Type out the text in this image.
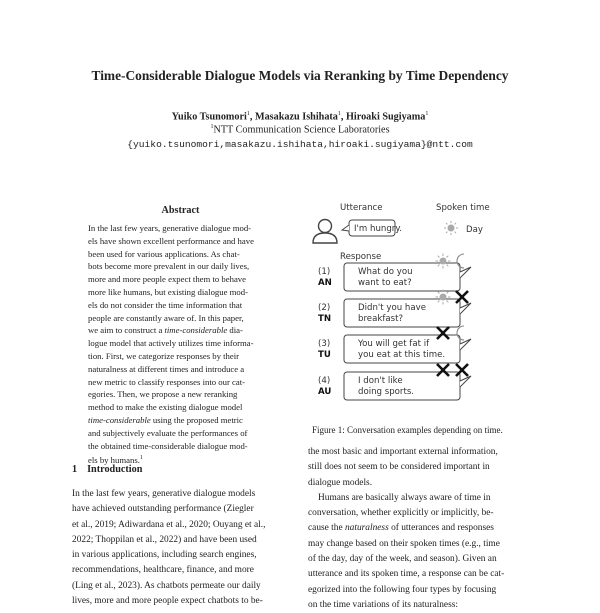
Time-Considerable Dialogue Models via Reranking by Time Dependency
Yuiko Tsunomori$^1$, Masakazu Ishihata$^1$, Hiroaki Sugiyama$^1$
$^1$NTT Communication Science Laboratories
{yuiko.tsunomori,masakazu.ishihata,hiroaki.sugiyama}@ntt.com
Abstract
In the last few years, generative dialogue mod-
els have shown excellent performance and have
been used for various applications. As chat-
bots become more prevalent in our daily lives,
more and more people expect them to behave
more like humans, but existing dialogue mod-
els do not consider the time information that
people are constantly aware of. In this paper,
we aim to construct a time-considerable dia-
logue model that actively utilizes time informa-
tion. First, we categorize responses by their
naturalness at different times and introduce a
new metric to classify responses into our cat-
egories. Then, we propose a new reranking
method to make the existing dialogue model
time-considerable using the proposed metric
and subjectively evaluate the performances of
the obtained time-considerable dialogue mod-
els by humans.$^1$
1 Introduction
In the last few years, generative dialogue models
have achieved outstanding performance (Ziegler
et al., 2019; Adiwardana et al., 2020; Ouyang et al.,
2022; Thoppilan et al., 2022) and have been used
in various applications, including search engines,
recommendations, healthcare, finance, and more
(Ling et al., 2023). As chatbots permeate our daily
lives, more and more people expect chatbots to be-
the most basic and important external information,
still does not seem to be considered important in
dialogue models.
Humans are basically always aware of time in
conversation, whether explicitly or implicitly, be-
cause the naturalness of utterances and responses
may change based on their spoken times (e.g., time
of the day, day of the week, and season). Given an
utterance and its spoken time, a response can be cat-
egorized into the following four types by focusing
on the time variations of its naturalness:
Utterance	Spoken time
I'm hungry.	Day
Response
(1)
AN
What do you
want to eat?
(2)
TN
Didn't you have
breakfast?
(3)
TU
You will get fat if
you eat at this time.
(4)
AU
I don't like
doing sports.
Figure 1: Conversation examples depending on time.
